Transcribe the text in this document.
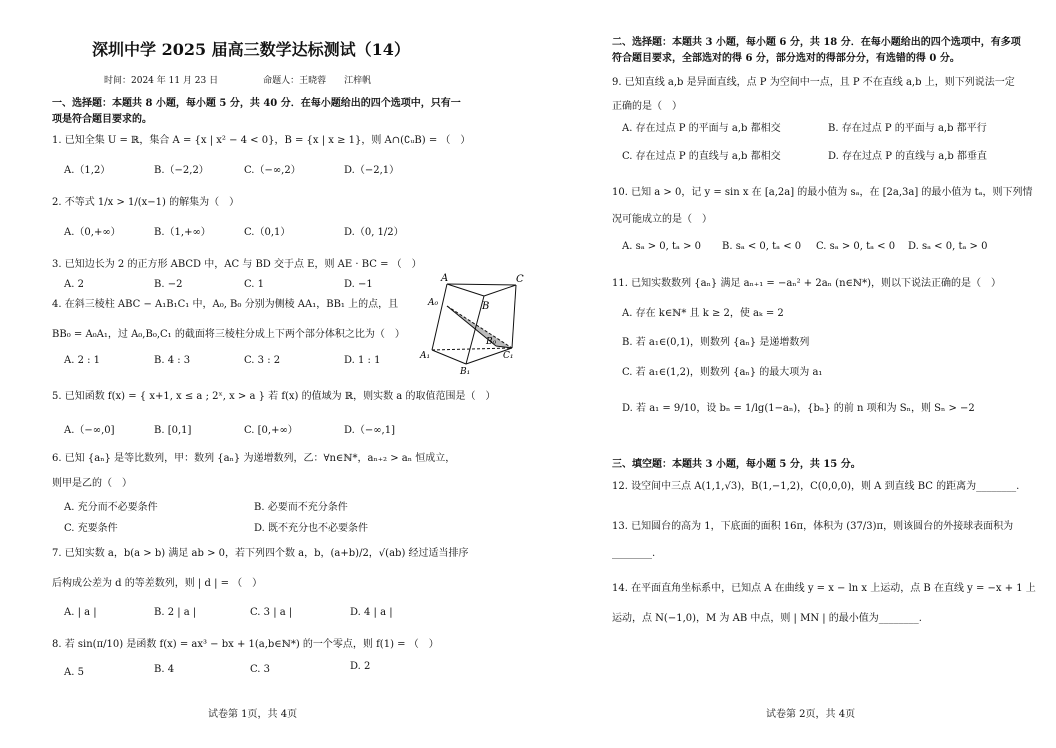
深圳中学 2025 届高三数学达标测试（14）
时间：2024 年 11 月 23 日　　　　　命题人：王晓蓉　　江梓帆
一、选择题：本题共 8 小题，每小题 5 分，共 40 分．在每小题给出的四个选项中，只有一
项是符合题目要求的。
1. 已知全集 U = ℝ，集合 A = {x | x² − 4 < 0}，B = {x | x ≥ 1}，则 A∩(∁ᵤB) = （　）
A.（1,2）	B.（−2,2）	C.（−∞,2）	D.（−2,1）
2. 不等式 1/x > 1/(x−1) 的解集为（　）
A.（0,+∞）	B.（1,+∞）	C.（0,1）	D.（0, 1/2）
3. 已知边长为 2 的正方形 ABCD 中，AC 与 BD 交于点 E，则 AE · BC = （　）
A. 2	B. −2	C. 1	D. −1
4. 在斜三棱柱 ABC − A₁B₁C₁ 中，A₀, B₀ 分别为侧棱 AA₁，BB₁ 上的点，且
BB₀ = A₀A₁，过 A₀,B₀,C₁ 的截面将三棱柱分成上下两个部分体积之比为（　）
A. 2 : 1	B. 4 : 3	C. 3 : 2	D. 1 : 1
A	C
A₀	B
B₀
C₁
A₁
B₁
5. 已知函数 f(x) = { x+1, x ≤ a ; 2ˣ, x > a } 若 f(x) 的值域为 ℝ，则实数 a 的取值范围是（　）
A.（−∞,0]	B. [0,1]	C. [0,+∞）	D.（−∞,1]
6. 已知 {aₙ} 是等比数列，甲：数列 {aₙ} 为递增数列，乙：∀n∈ℕ*，aₙ₊₂ > aₙ 恒成立，
则甲是乙的（　）
A. 充分而不必要条件	B. 必要而不充分条件
C. 充要条件	D. 既不充分也不必要条件
7. 已知实数 a，b(a > b) 满足 ab > 0，若下列四个数 a，b，(a+b)/2，√(ab) 经过适当排序
后构成公差为 d 的等差数列，则 | d | = （　）
A. | a |	B. 2 | a |	C. 3 | a |	D. 4 | a |
8. 若 sin(π/10) 是函数 f(x) = ax³ − bx + 1(a,b∈ℕ*) 的一个零点，则 f(1) = （　）
A. 5	B. 4	C. 3	D. 2
试卷第 1页，共 4页
二、选择题：本题共 3 小题，每小题 6 分，共 18 分．在每小题给出的四个选项中，有多项
符合题目要求，全部选对的得 6 分，部分选对的得部分分，有选错的得 0 分。
9. 已知直线 a,b 是异面直线，点 P 为空间中一点，且 P 不在直线 a,b 上，则下列说法一定
正确的是（　）
A. 存在过点 P 的平面与 a,b 都相交	B. 存在过点 P 的平面与 a,b 都平行
C. 存在过点 P 的直线与 a,b 都相交	D. 存在过点 P 的直线与 a,b 都垂直
10. 已知 a > 0，记 y = sin x 在 [a,2a] 的最小值为 sₐ，在 [2a,3a] 的最小值为 tₐ，则下列情
况可能成立的是（　）
A. sₐ > 0, tₐ > 0 B. sₐ < 0, tₐ < 0 C. sₐ > 0, tₐ < 0 D. sₐ < 0, tₐ > 0
11. 已知实数数列 {aₙ} 满足 aₙ₊₁ = −aₙ² + 2aₙ (n∈ℕ*)，则以下说法正确的是（　）
A. 存在 k∈ℕ* 且 k ≥ 2，使 aₖ = 2
B. 若 a₁∈(0,1)，则数列 {aₙ} 是递增数列
C. 若 a₁∈(1,2)，则数列 {aₙ} 的最大项为 a₁
D. 若 a₁ = 9/10，设 bₙ = 1/lg(1−aₙ)，{bₙ} 的前 n 项和为 Sₙ，则 Sₙ > −2
三、填空题：本题共 3 小题，每小题 5 分，共 15 分。
12. 设空间中三点 A(1,1,√3)，B(1,−1,2)，C(0,0,0)，则 A 到直线 BC 的距离为________.
13. 已知圆台的高为 1，下底面的面积 16π，体积为 (37/3)π，则该圆台的外接球表面积为
________.
14. 在平面直角坐标系中，已知点 A 在曲线 y = x − ln x 上运动，点 B 在直线 y = −x + 1 上
运动，点 N(−1,0)，M 为 AB 中点，则 | MN | 的最小值为________.
试卷第 2页，共 4页
